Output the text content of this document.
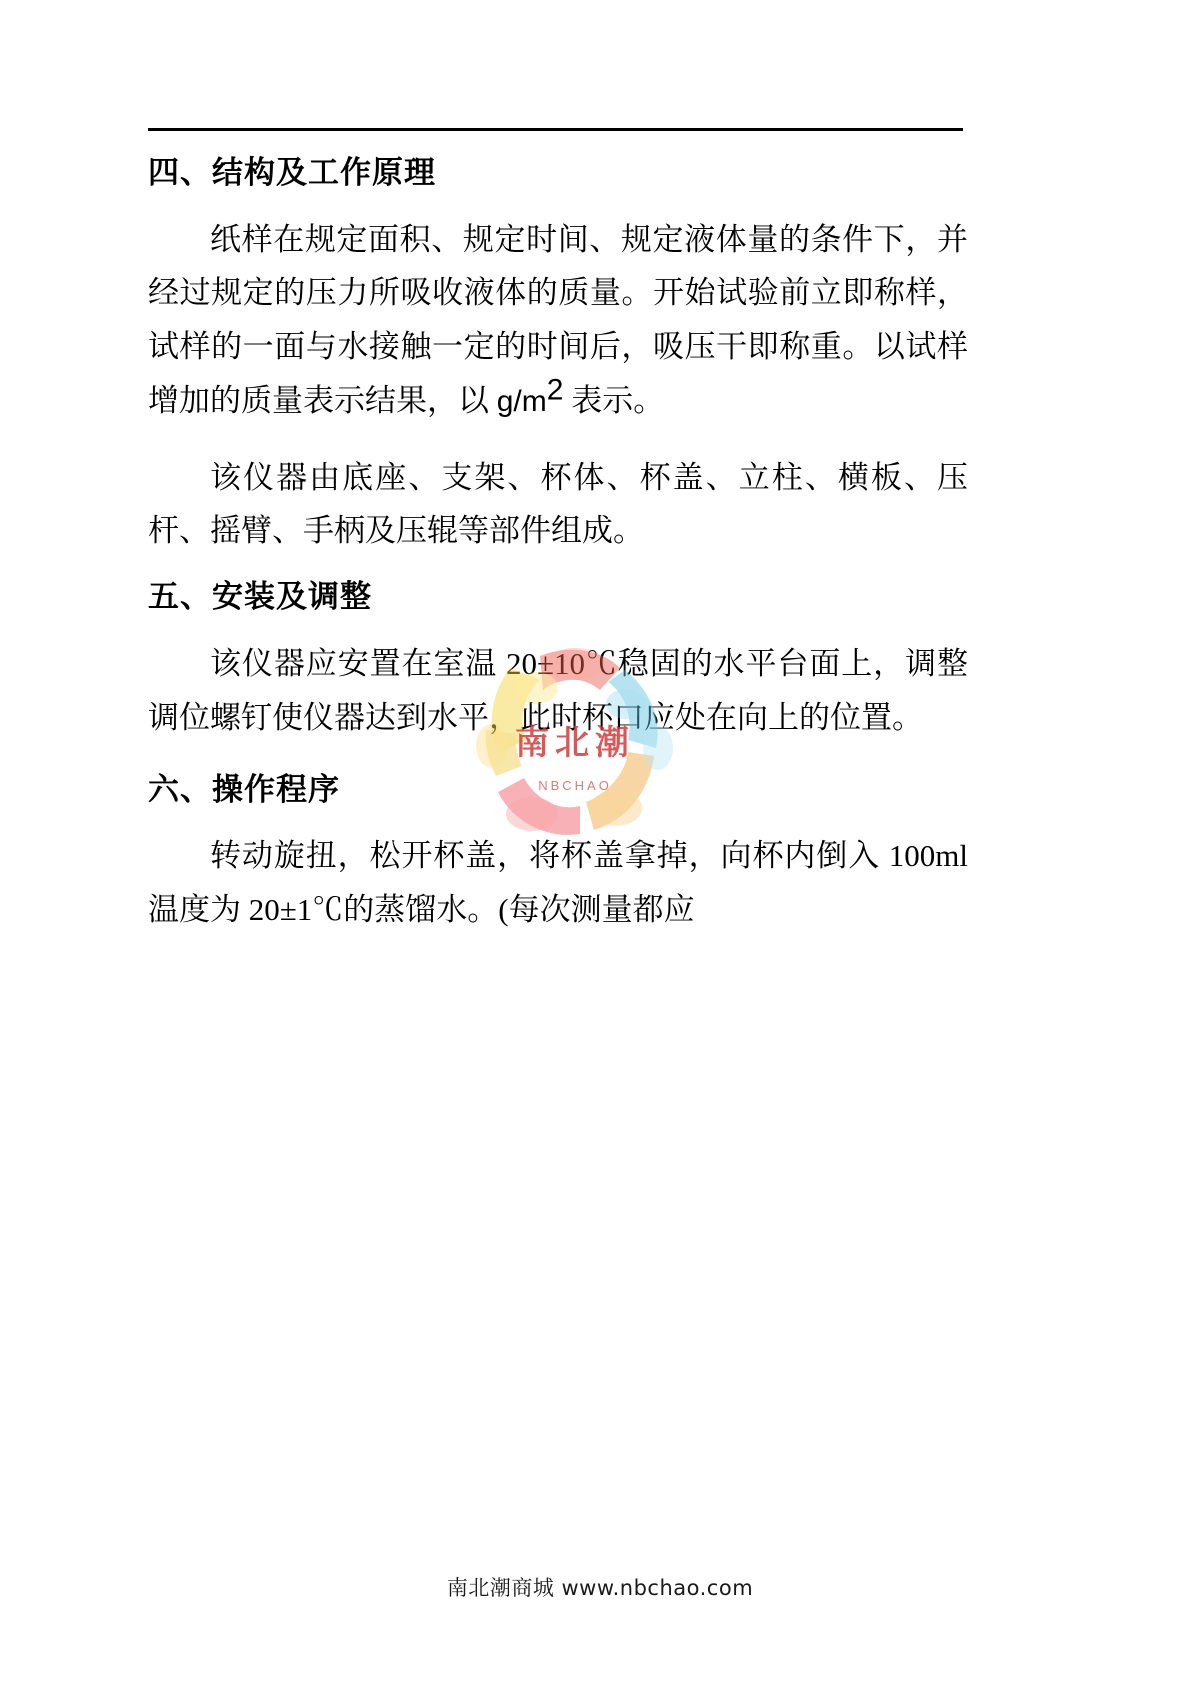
四、结构及工作原理

纸样在规定面积、规定时间、规定液体量的条件下，并经过规定的压力所吸收液体的质量。开始试验前立即称样，试样的一面与水接触一定的时间后，吸压干即称重。以试样增加的质量表示结果，以 $g/m^2$ 表示。

该仪器由底座、支架、杯体、杯盖、立柱、横板、压杆、摇臂、手柄及压辊等部件组成。

五、安装及调整

该仪器应安置在室温 20±10℃稳固的水平台面上，调整调位螺钉使仪器达到水平，此时杯口应处在向上的位置。

六、操作程序

转动旋扭，松开杯盖，将杯盖拿掉，向杯内倒入 100ml 温度为 20±1℃的蒸馏水。(每次测量都应

南北潮
NBCHAO
南北潮商城 www.nbchao.com
